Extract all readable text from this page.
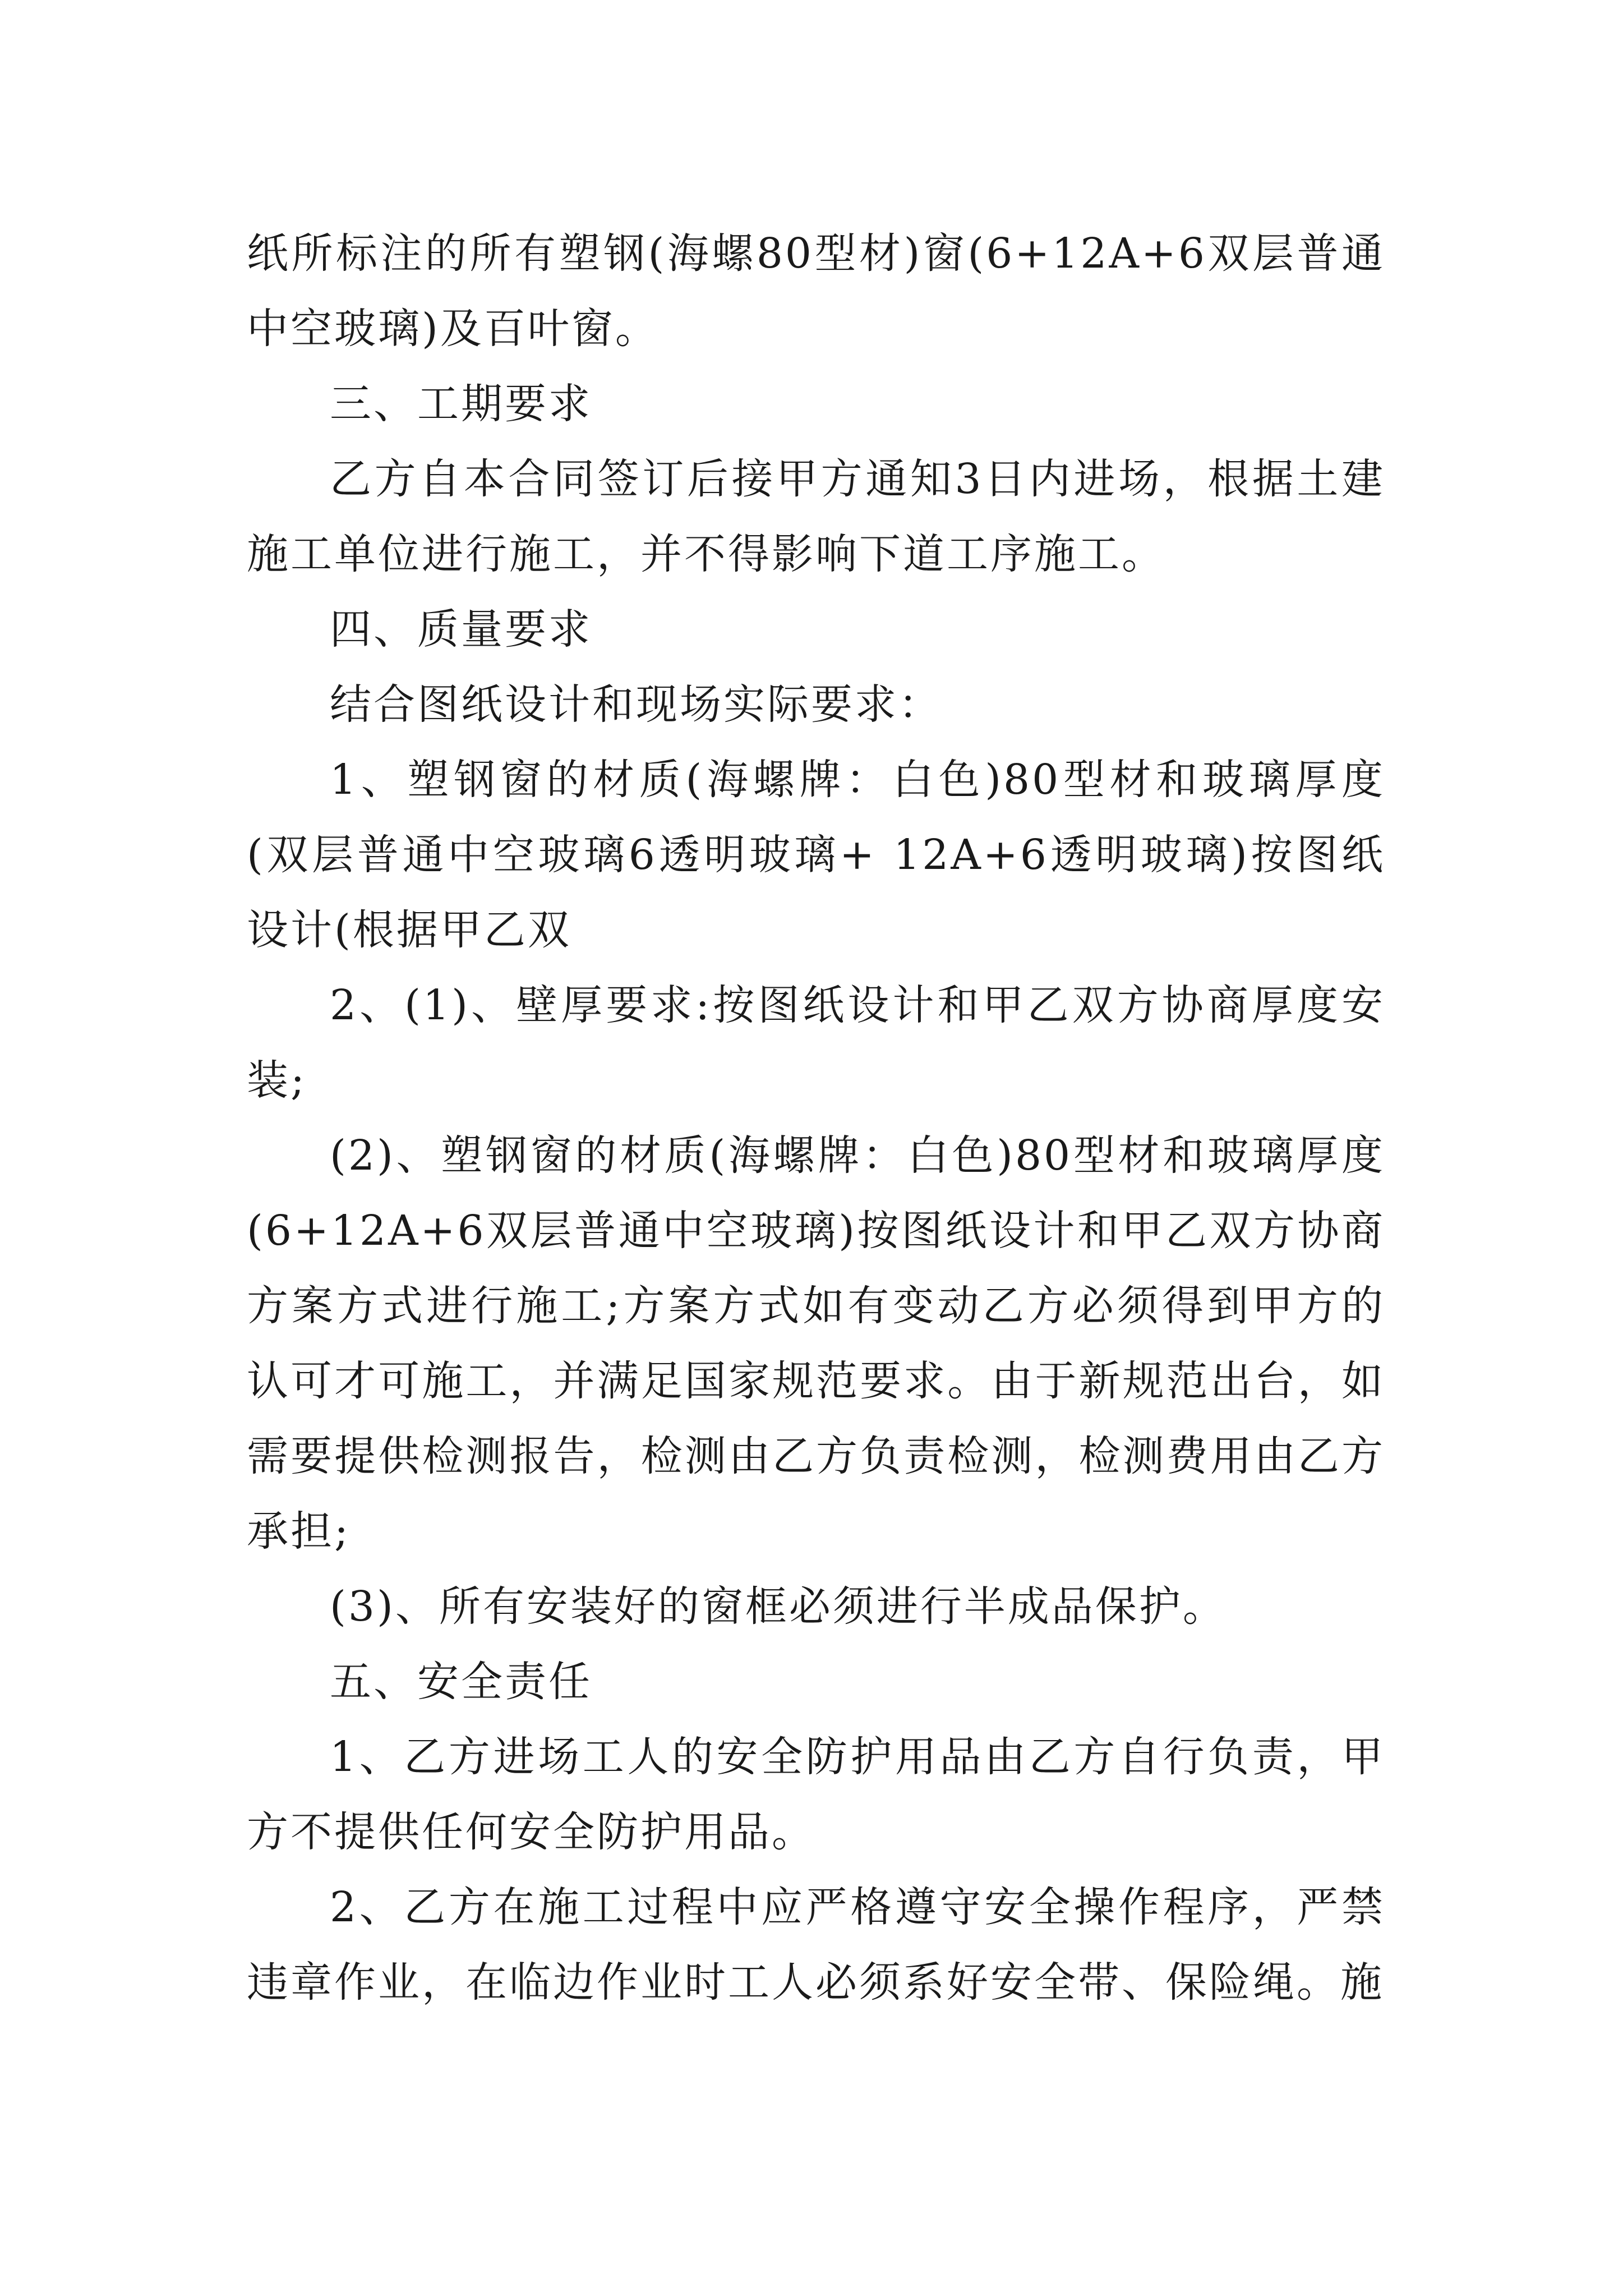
纸所标注的所有塑钢(海螺80型材)窗(6+12A+6双层普通中空玻璃)及百叶窗。

三、工期要求

乙方自本合同签订后接甲方通知3日内进场，根据土建施工单位进行施工，并不得影响下道工序施工。

四、质量要求

结合图纸设计和现场实际要求：

1、塑钢窗的材质(海螺牌：白色)80型材和玻璃厚度(双层普通中空玻璃6透明玻璃+ 12A+6透明玻璃)按图纸设计(根据甲乙双

2、(1)、壁厚要求:按图纸设计和甲乙双方协商厚度安装;

(2)、塑钢窗的材质(海螺牌：白色)80型材和玻璃厚度(6+12A+6双层普通中空玻璃)按图纸设计和甲乙双方协商方案方式进行施工;方案方式如有变动乙方必须得到甲方的认可才可施工，并满足国家规范要求。由于新规范出台，如需要提供检测报告，检测由乙方负责检测，检测费用由乙方承担;

(3)、所有安装好的窗框必须进行半成品保护。

五、安全责任

1、乙方进场工人的安全防护用品由乙方自行负责，甲方不提供任何安全防护用品。

2、乙方在施工过程中应严格遵守安全操作程序，严禁违章作业，在临边作业时工人必须系好安全带、保险绳。施
